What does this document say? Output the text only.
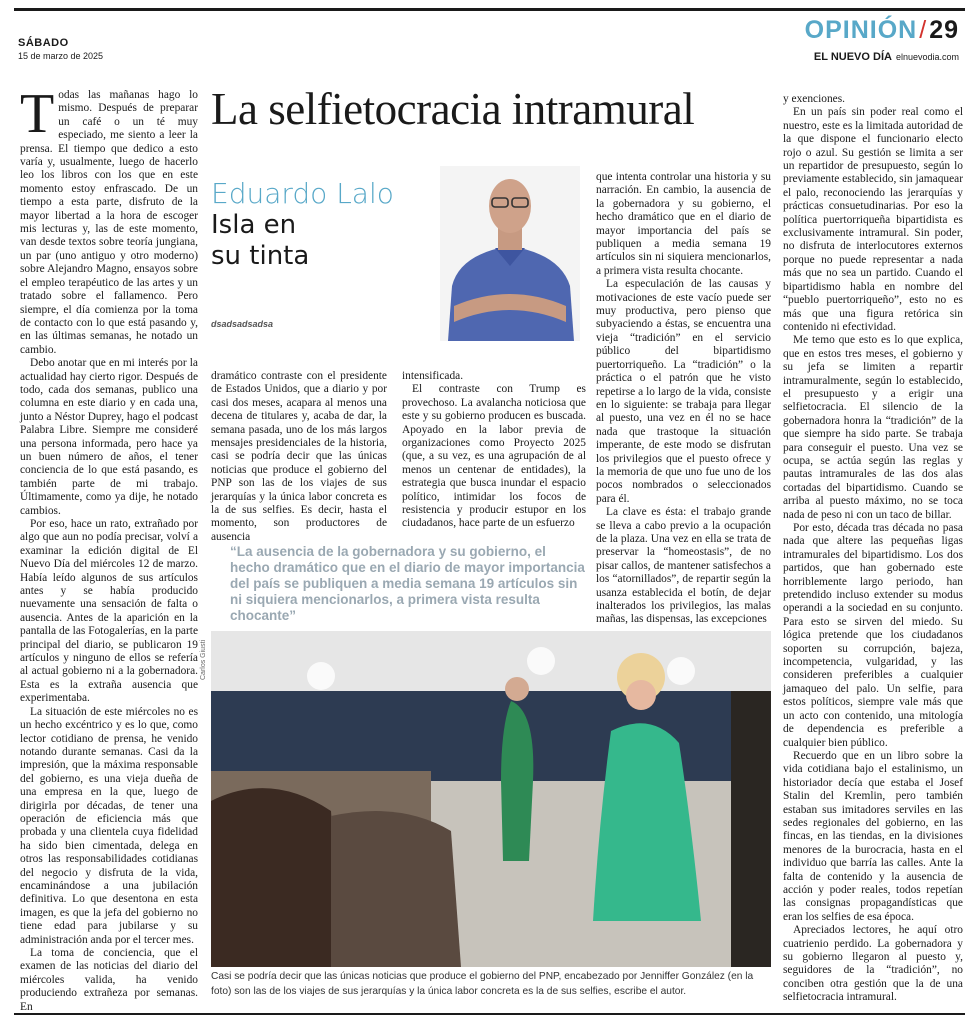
SÁBADO
15 de marzo de 2025
OPINIÓN/29
EL NUEVO DÍA elnuevodia.com
T odas las mañanas hago lo mismo. Después de preparar un café o un té muy especiado, me siento a leer la prensa. El tiempo que dedico a esto varía y, usualmente, luego de hacerlo leo los libros con los que en este momento estoy enfrascado. De un tiempo a esta parte, disfruto de la mayor libertad a la hora de escoger mis lecturas y, las de este momento, van desde textos sobre teoría jungiana, un par (uno antiguo y otro moderno) sobre Alejandro Magno, ensayos sobre el empleo terapéutico de las artes y un tratado sobre el fallamenco. Pero siempre, el día comienza por la toma de contacto con lo que está pasando y, en las últimas semanas, he notado un cambio.

Debo anotar que en mi interés por la actualidad hay cierto rigor. Después de todo, cada dos semanas, publico una columna en este diario y en cada una, junto a Néstor Duprey, hago el podcast Palabra Libre. Siempre me consideré una persona informada, pero hace ya un buen número de años, el tener conciencia de lo que está pasando, es también parte de mi trabajo. Últimamente, como ya dije, he notado cambios.

Por eso, hace un rato, extrañado por algo que aun no podía precisar, volví a examinar la edición digital de El Nuevo Día del miércoles 12 de marzo. Había leído algunos de sus artículos antes y se había producido nuevamente una sensación de falta o ausencia. Antes de la aparición en la pantalla de las Fotogalerías, en la parte principal del diario, se publicaron 19 artículos y ninguno de ellos se refería al actual gobierno ni a la gobernadora. Esta es la extraña ausencia que experimentaba.

La situación de este miércoles no es un hecho excéntrico y es lo que, como lector cotidiano de prensa, he venido notando durante semanas. Casi da la impresión, que la máxima responsable del gobierno, es una vieja dueña de una empresa en la que, luego de dirigirla por décadas, de tener una operación de eficiencia más que probada y una clientela cuya fidelidad ha sido bien cimentada, delega en otros las responsabilidades cotidianas del negocio y disfruta de la vida, encaminándose a una jubilación definitiva. Lo que desentona en esta imagen, es que la jefa del gobierno no tiene edad para jubilarse y su administración anda por el tercer mes.

La toma de conciencia, que el examen de las noticias del diario del miércoles valida, ha venido produciendo extrañeza por semanas. En

La selfietocracia intramural
Eduardo Lalo
Isla en
su tinta
dsadsadsadsa

dramático contraste con el presidente de Estados Unidos, que a diario y por casi dos meses, acapara al menos una decena de titulares y, acaba de dar, la semana pasada, uno de los más largos mensajes presidenciales de la historia, casi se podría decir que las únicas noticias que produce el gobierno del PNP son las de los viajes de sus jerarquías y la única labor concreta es la de sus selfies. Es decir, hasta el momento, son productores de ausencia

intensificada.

El contraste con Trump es provechoso. La avalancha noticiosa que este y su gobierno producen es buscada. Apoyado en la labor previa de organizaciones como Proyecto 2025 (que, a su vez, es una agrupación de al menos un centenar de entidades), la estrategia que busca inundar el espacio político, intimidar los focos de resistencia y producir estupor en los ciudadanos, hace parte de un esfuerzo

que intenta controlar una historia y su narración. En cambio, la ausencia de la gobernadora y su gobierno, el hecho dramático que en el diario de mayor importancia del país se publiquen a media semana 19 artículos sin ni siquiera mencionarlos, a primera vista resulta chocante.

La especulación de las causas y motivaciones de este vacío puede ser muy productiva, pero pienso que subyaciendo a éstas, se encuentra una vieja “tradición” en el servicio público del bipartidismo puertorriqueño. La “tradición” o la práctica o el patrón que he visto repetirse a lo largo de la vida, consiste en lo siguiente: se trabaja para llegar al puesto, una vez en él no se hace nada que trastoque la situación imperante, de este modo se disfrutan los privilegios que el puesto ofrece y la memoria de que uno fue uno de los pocos nombrados o seleccionados para él.

La clave es ésta: el trabajo grande se lleva a cabo previo a la ocupación de la plaza. Una vez en ella se trata de preservar la “homeostasis”, de no pisar callos, de mantener satisfechos a los “atornillados”, de repartir según la usanza establecida el botín, de dejar inalterados los privilegios, las malas mañas, las dispensas, las excepciones

“La ausencia de la gobernadora y su gobierno, el hecho dramático que en el diario de mayor importancia del país se publiquen a media semana 19 artículos sin ni siquiera mencionarlos, a primera vista resulta chocante”
Carlos Giusti
Casi se podría decir que las únicas noticias que produce el gobierno del PNP, encabezado por Jenniffer González (en la foto) son las de los viajes de sus jerarquías y la única labor concreta es la de sus selfies, escribe el autor.

y exenciones.

En un país sin poder real como el nuestro, este es la limitada autoridad de la que dispone el funcionario electo rojo o azul. Su gestión se limita a ser un repartidor de presupuesto, según lo previamente establecido, sin jamaquear el palo, reconociendo las jerarquías y prácticas consuetudinarias. Por eso la política puertorriqueña bipartidista es exclusivamente intramural. Sin poder, no disfruta de interlocutores externos porque no puede representar a nada más que no sea un partido. Cuando el bipartidismo habla en nombre del “pueblo puertorriqueño”, esto no es más que una figura retórica sin contenido ni efectividad.

Me temo que esto es lo que explica, que en estos tres meses, el gobierno y su jefa se limiten a repartir intramuralmente, según lo establecido, el presupuesto y a erigir una selfietocracia. El silencio de la gobernadora honra la “tradición” de la que siempre ha sido parte. Se trabaja para conseguir el puesto. Una vez se ocupa, se actúa según las reglas y pautas intramurales de las dos alas cortadas del bipartidismo. Cuando se arriba al puesto máximo, no se toca nada de peso ni con un taco de billar.

Por esto, década tras década no pasa nada que altere las pequeñas ligas intramurales del bipartidismo. Los dos partidos, que han gobernado este horriblemente largo periodo, han pretendido incluso extender su modus operandi a la sociedad en su conjunto. Para esto se sirven del miedo. Su lógica pretende que los ciudadanos soporten su corrupción, bajeza, incompetencia, vulgaridad, y las consideren preferibles a cualquier jamaqueo del palo. Un selfie, para estos políticos, siempre vale más que un acto con contenido, una mitología de dependencia es preferible a cualquier bien público.

Recuerdo que en un libro sobre la vida cotidiana bajo el estalinismo, un historiador decía que estaba el Josef Stalin del Kremlin, pero también estaban sus imitadores serviles en las sedes regionales del gobierno, en las fincas, en las tiendas, en la divisiones menores de la burocracia, hasta en el individuo que barría las calles. Ante la falta de contenido y la ausencia de acción y poder reales, todos repetían las consignas propagandísticas que eran los selfies de esa época.

Apreciados lectores, he aquí otro cuatrienio perdido. La gobernadora y su gobierno llegaron al puesto y, seguidores de la “tradición”, no conciben otra gestión que la de una selfietocracia intramural.
